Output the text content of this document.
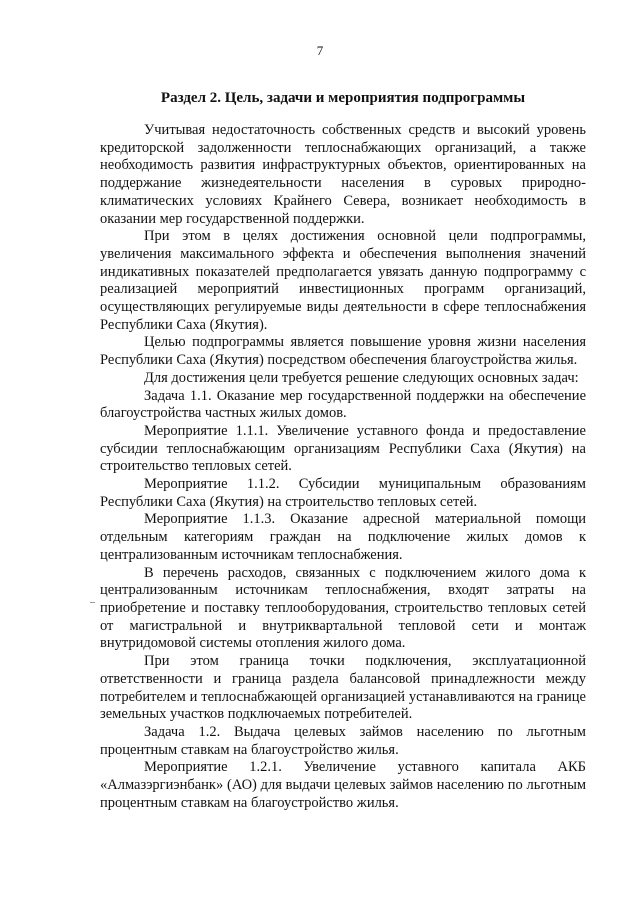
7
Раздел 2. Цель, задачи и мероприятия подпрограммы

Учитывая недостаточность собственных средств и высокий уровень кредиторской задолженности теплоснабжающих организаций, а также необходимость развития инфраструктурных объектов, ориентированных на поддержание жизнедеятельности населения в суровых природно-климатических условиях Крайнего Севера, возникает необходимость в оказании мер государственной поддержки.

При этом в целях достижения основной цели подпрограммы, увеличения максимального эффекта и обеспечения выполнения значений индикативных показателей предполагается увязать данную подпрограмму с реализацией мероприятий инвестиционных программ организаций, осуществляющих регулируемые виды деятельности в сфере теплоснабжения Республики Саха (Якутия).

Целью подпрограммы является повышение уровня жизни населения Республики Саха (Якутия) посредством обеспечения благоустройства жилья.

Для достижения цели требуется решение следующих основных задач:

Задача 1.1. Оказание мер государственной поддержки на обеспечение благоустройства частных жилых домов.

Мероприятие 1.1.1. Увеличение уставного фонда и предоставление субсидии теплоснабжающим организациям Республики Саха (Якутия) на строительство тепловых сетей.

Мероприятие 1.1.2. Субсидии муниципальным образованиям Республики Саха (Якутия) на строительство тепловых сетей.

Мероприятие 1.1.3. Оказание адресной материальной помощи отдельным категориям граждан на подключение жилых домов к централизованным источникам теплоснабжения.

В перечень расходов, связанных с подключением жилого дома к централизованным источникам теплоснабжения, входят затраты на приобретение и поставку теплооборудования, строительство тепловых сетей от магистральной и внутриквартальной тепловой сети и монтаж внутридомовой системы отопления жилого дома.

При этом граница точки подключения, эксплуатационной ответственности и граница раздела балансовой принадлежности между потребителем и теплоснабжающей организацией устанавливаются на границе земельных участков подключаемых потребителей.

Задача 1.2. Выдача целевых займов населению по льготным процентным ставкам на благоустройство жилья.

Мероприятие 1.2.1. Увеличение уставного капитала АКБ «Алмазэргиэнбанк» (АО) для выдачи целевых займов населению по льготным процентным ставкам на благоустройство жилья.
